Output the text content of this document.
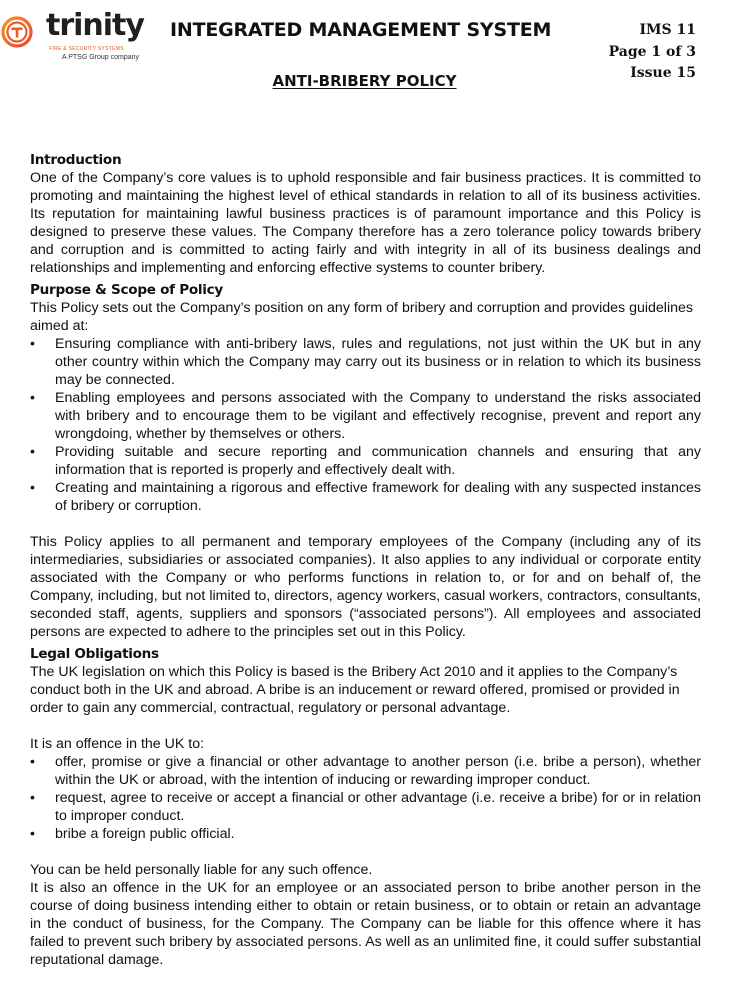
trinity
FIRE & SECURITY SYSTEMS
A PTSG Group company
INTEGRATED MANAGEMENT SYSTEM
ANTI-BRIBERY POLICY
IMS 11
Page 1 of 3
Issue 15
Introduction

One of the Company’s core values is to uphold responsible and fair business practices. It is committed to promoting and maintaining the highest level of ethical standards in relation to all of its business activities. Its reputation for maintaining lawful business practices is of paramount importance and this Policy is designed to preserve these values. The Company therefore has a zero tolerance policy towards bribery and corruption and is committed to acting fairly and with integrity in all of its business dealings and relationships and implementing and enforcing effective systems to counter bribery.

Purpose & Scope of Policy

This Policy sets out the Company’s position on any form of bribery and corruption and provides guidelines aimed at:

•	Ensuring compliance with anti-bribery laws, rules and regulations, not just within the UK but in any other country within which the Company may carry out its business or in relation to which its business may be connected.
•	Enabling employees and persons associated with the Company to understand the risks associated with bribery and to encourage them to be vigilant and effectively recognise, prevent and report any wrongdoing, whether by themselves or others.
•	Providing suitable and secure reporting and communication channels and ensuring that any information that is reported is properly and effectively dealt with.
•	Creating and maintaining a rigorous and effective framework for dealing with any suspected instances of bribery or corruption.

This Policy applies to all permanent and temporary employees of the Company (including any of its intermediaries, subsidiaries or associated companies). It also applies to any individual or corporate entity associated with the Company or who performs functions in relation to, or for and on behalf of, the Company, including, but not limited to, directors, agency workers, casual workers, contractors, consultants, seconded staff, agents, suppliers and sponsors (“associated persons”). All employees and associated persons are expected to adhere to the principles set out in this Policy.

Legal Obligations

The UK legislation on which this Policy is based is the Bribery Act 2010 and it applies to the Company’s conduct both in the UK and abroad. A bribe is an inducement or reward offered, promised or provided in order to gain any commercial, contractual, regulatory or personal advantage.

It is an offence in the UK to:

•	offer, promise or give a financial or other advantage to another person (i.e. bribe a person), whether within the UK or abroad, with the intention of inducing or rewarding improper conduct.
•	request, agree to receive or accept a financial or other advantage (i.e. receive a bribe) for or in relation to improper conduct.
•	bribe a foreign public official.

You can be held personally liable for any such offence.

It is also an offence in the UK for an employee or an associated person to bribe another person in the course of doing business intending either to obtain or retain business, or to obtain or retain an advantage in the conduct of business, for the Company. The Company can be liable for this offence where it has failed to prevent such bribery by associated persons. As well as an unlimited fine, it could suffer substantial reputational damage.
